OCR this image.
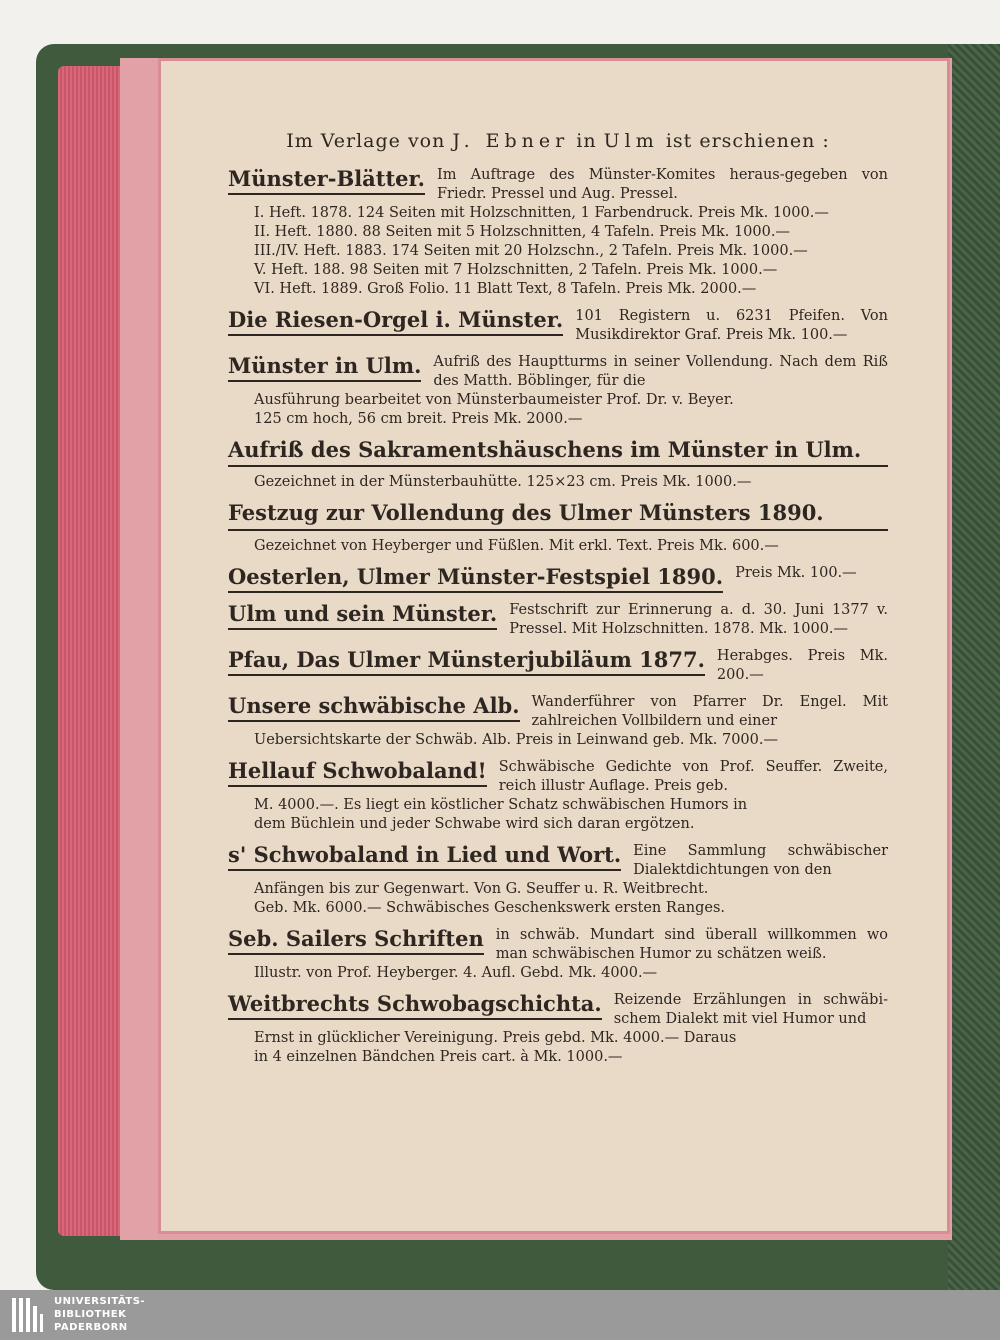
Im Verlage von J. Ebner in Ulm ist erschienen :
Münster-Blätter. Im Auftrage des Münster-Komites heraus-gegeben von Friedr. Pressel und Aug. Pressel.
I. Heft. 1878. 124 Seiten mit Holzschnitten, 1 Farbendruck. Preis Mk. 1000.—
II. Heft. 1880. 88 Seiten mit 5 Holzschnitten, 4 Tafeln. Preis Mk. 1000.—
III./IV. Heft. 1883. 174 Seiten mit 20 Holzschn., 2 Tafeln. Preis Mk. 1000.—
V. Heft. 188. 98 Seiten mit 7 Holzschnitten, 2 Tafeln. Preis Mk. 1000.—
VI. Heft. 1889. Groß Folio. 11 Blatt Text, 8 Tafeln. Preis Mk. 2000.—
Die Riesen-Orgel i. Münster. 101 Registern u. 6231 Pfeifen. Von Musikdirektor Graf. Preis Mk. 100.—
Münster in Ulm. Aufriß des Hauptturms in seiner Vollendung. Nach dem Riß des Matth. Böblinger, für die
Ausführung bearbeitet von Münsterbaumeister Prof. Dr. v. Beyer.
125 cm hoch, 56 cm breit. Preis Mk. 2000.—
Aufriß des Sakramentshäuschens im Münster in Ulm.
Gezeichnet in der Münsterbauhütte. 125×23 cm. Preis Mk. 1000.—
Festzug zur Vollendung des Ulmer Münsters 1890.
Gezeichnet von Heyberger und Füßlen. Mit erkl. Text. Preis Mk. 600.—
Oesterlen, Ulmer Münster-Festspiel 1890. Preis Mk. 100.—
Ulm und sein Münster. Festschrift zur Erinnerung a. d. 30. Juni 1377 v. Pressel. Mit Holzschnitten. 1878. Mk. 1000.—
Pfau, Das Ulmer Münsterjubiläum 1877. Herabges. Preis Mk. 200.—
Unsere schwäbische Alb. Wanderführer von Pfarrer Dr. Engel. Mit zahlreichen Vollbildern und einer
Uebersichtskarte der Schwäb. Alb. Preis in Leinwand geb. Mk. 7000.—
Hellauf Schwobaland! Schwäbische Gedichte von Prof. Seuffer. Zweite, reich illustr Auflage. Preis geb.
M. 4000.—. Es liegt ein köstlicher Schatz schwäbischen Humors in
dem Büchlein und jeder Schwabe wird sich daran ergötzen.
s' Schwobaland in Lied und Wort. Eine Sammlung schwäbischer Dialektdichtungen von den
Anfängen bis zur Gegenwart. Von G. Seuffer u. R. Weitbrecht.
Geb. Mk. 6000.— Schwäbisches Geschenkswerk ersten Ranges.
Seb. Sailers Schriften in schwäb. Mundart sind überall willkommen wo man schwäbischen Humor zu schätzen weiß.
Illustr. von Prof. Heyberger. 4. Aufl. Gebd. Mk. 4000.—
Weitbrechts Schwobagschichta. Reizende Erzählungen in schwäbi-schem Dialekt mit viel Humor und
Ernst in glücklicher Vereinigung. Preis gebd. Mk. 4000.— Daraus
in 4 einzelnen Bändchen Preis cart. à Mk. 1000.—
UNIVERSITÄTS-
BIBLIOTHEK
PADERBORN
